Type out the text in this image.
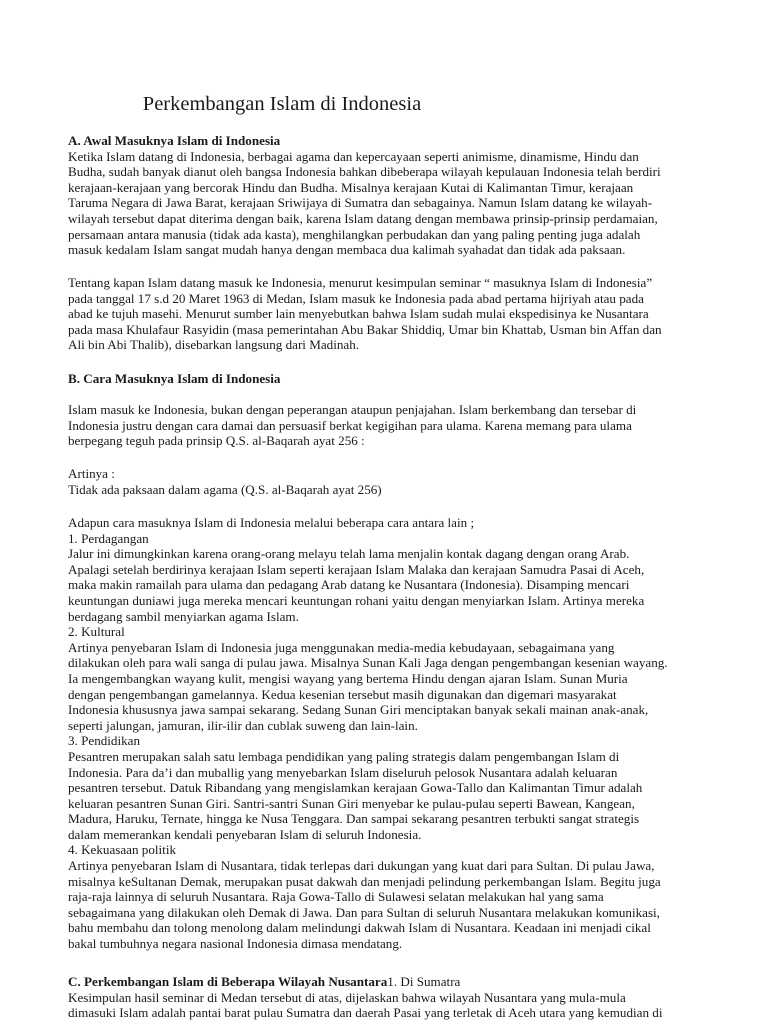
Perkembangan Islam di Indonesia
A. Awal Masuknya Islam di Indonesia
Ketika Islam datang di Indonesia, berbagai agama dan kepercayaan seperti animisme, dinamisme, Hindu dan
Budha, sudah banyak dianut oleh bangsa Indonesia bahkan dibeberapa wilayah kepulauan Indonesia telah berdiri
kerajaan-kerajaan yang bercorak Hindu dan Budha. Misalnya kerajaan Kutai di Kalimantan Timur, kerajaan
Taruma Negara di Jawa Barat, kerajaan Sriwijaya di Sumatra dan sebagainya. Namun Islam datang ke wilayah-
wilayah tersebut dapat diterima dengan baik, karena Islam datang dengan membawa prinsip-prinsip perdamaian,
persamaan antara manusia (tidak ada kasta), menghilangkan perbudakan dan yang paling penting juga adalah
masuk kedalam Islam sangat mudah hanya dengan membaca dua kalimah syahadat dan tidak ada paksaan.
Tentang kapan Islam datang masuk ke Indonesia, menurut kesimpulan seminar “ masuknya Islam di Indonesia”
pada tanggal 17 s.d 20 Maret 1963 di Medan, Islam masuk ke Indonesia pada abad pertama hijriyah atau pada
abad ke tujuh masehi. Menurut sumber lain menyebutkan bahwa Islam sudah mulai ekspedisinya ke Nusantara
pada masa Khulafaur Rasyidin (masa pemerintahan Abu Bakar Shiddiq, Umar bin Khattab, Usman bin Affan dan
Ali bin Abi Thalib), disebarkan langsung dari Madinah.
B. Cara Masuknya Islam di Indonesia
Islam masuk ke Indonesia, bukan dengan peperangan ataupun penjajahan. Islam berkembang dan tersebar di
Indonesia justru dengan cara damai dan persuasif berkat kegigihan para ulama. Karena memang para ulama
berpegang teguh pada prinsip Q.S. al-Baqarah ayat 256 :
Artinya :
Tidak ada paksaan dalam agama (Q.S. al-Baqarah ayat 256)
Adapun cara masuknya Islam di Indonesia melalui beberapa cara antara lain ;
1. Perdagangan
Jalur ini dimungkinkan karena orang-orang melayu telah lama menjalin kontak dagang dengan orang Arab.
Apalagi setelah berdirinya kerajaan Islam seperti kerajaan Islam Malaka dan kerajaan Samudra Pasai di Aceh,
maka makin ramailah para ulama dan pedagang Arab datang ke Nusantara (Indonesia). Disamping mencari
keuntungan duniawi juga mereka mencari keuntungan rohani yaitu dengan menyiarkan Islam. Artinya mereka
berdagang sambil menyiarkan agama Islam.
2. Kultural
Artinya penyebaran Islam di Indonesia juga menggunakan media-media kebudayaan, sebagaimana yang
dilakukan oleh para wali sanga di pulau jawa. Misalnya Sunan Kali Jaga dengan pengembangan kesenian wayang.
Ia mengembangkan wayang kulit, mengisi wayang yang bertema Hindu dengan ajaran Islam. Sunan Muria
dengan pengembangan gamelannya. Kedua kesenian tersebut masih digunakan dan digemari masyarakat
Indonesia khususnya jawa sampai sekarang. Sedang Sunan Giri menciptakan banyak sekali mainan anak-anak,
seperti jalungan, jamuran, ilir-ilir dan cublak suweng dan lain-lain.
3. Pendidikan
Pesantren merupakan salah satu lembaga pendidikan yang paling strategis dalam pengembangan Islam di
Indonesia. Para da’i dan muballig yang menyebarkan Islam diseluruh pelosok Nusantara adalah keluaran
pesantren tersebut. Datuk Ribandang yang mengislamkan kerajaan Gowa-Tallo dan Kalimantan Timur adalah
keluaran pesantren Sunan Giri. Santri-santri Sunan Giri menyebar ke pulau-pulau seperti Bawean, Kangean,
Madura, Haruku, Ternate, hingga ke Nusa Tenggara. Dan sampai sekarang pesantren terbukti sangat strategis
dalam memerankan kendali penyebaran Islam di seluruh Indonesia.
4. Kekuasaan politik
Artinya penyebaran Islam di Nusantara, tidak terlepas dari dukungan yang kuat dari para Sultan. Di pulau Jawa,
misalnya keSultanan Demak, merupakan pusat dakwah dan menjadi pelindung perkembangan Islam. Begitu juga
raja-raja lainnya di seluruh Nusantara. Raja Gowa-Tallo di Sulawesi selatan melakukan hal yang sama
sebagaimana yang dilakukan oleh Demak di Jawa. Dan para Sultan di seluruh Nusantara melakukan komunikasi,
bahu membahu dan tolong menolong dalam melindungi dakwah Islam di Nusantara. Keadaan ini menjadi cikal
bakal tumbuhnya negara nasional Indonesia dimasa mendatang.
C. Perkembangan Islam di Beberapa Wilayah Nusantara1. Di Sumatra
Kesimpulan hasil seminar di Medan tersebut di atas, dijelaskan bahwa wilayah Nusantara yang mula-mula
dimasuki Islam adalah pantai barat pulau Sumatra dan daerah Pasai yang terletak di Aceh utara yang kemudian di
